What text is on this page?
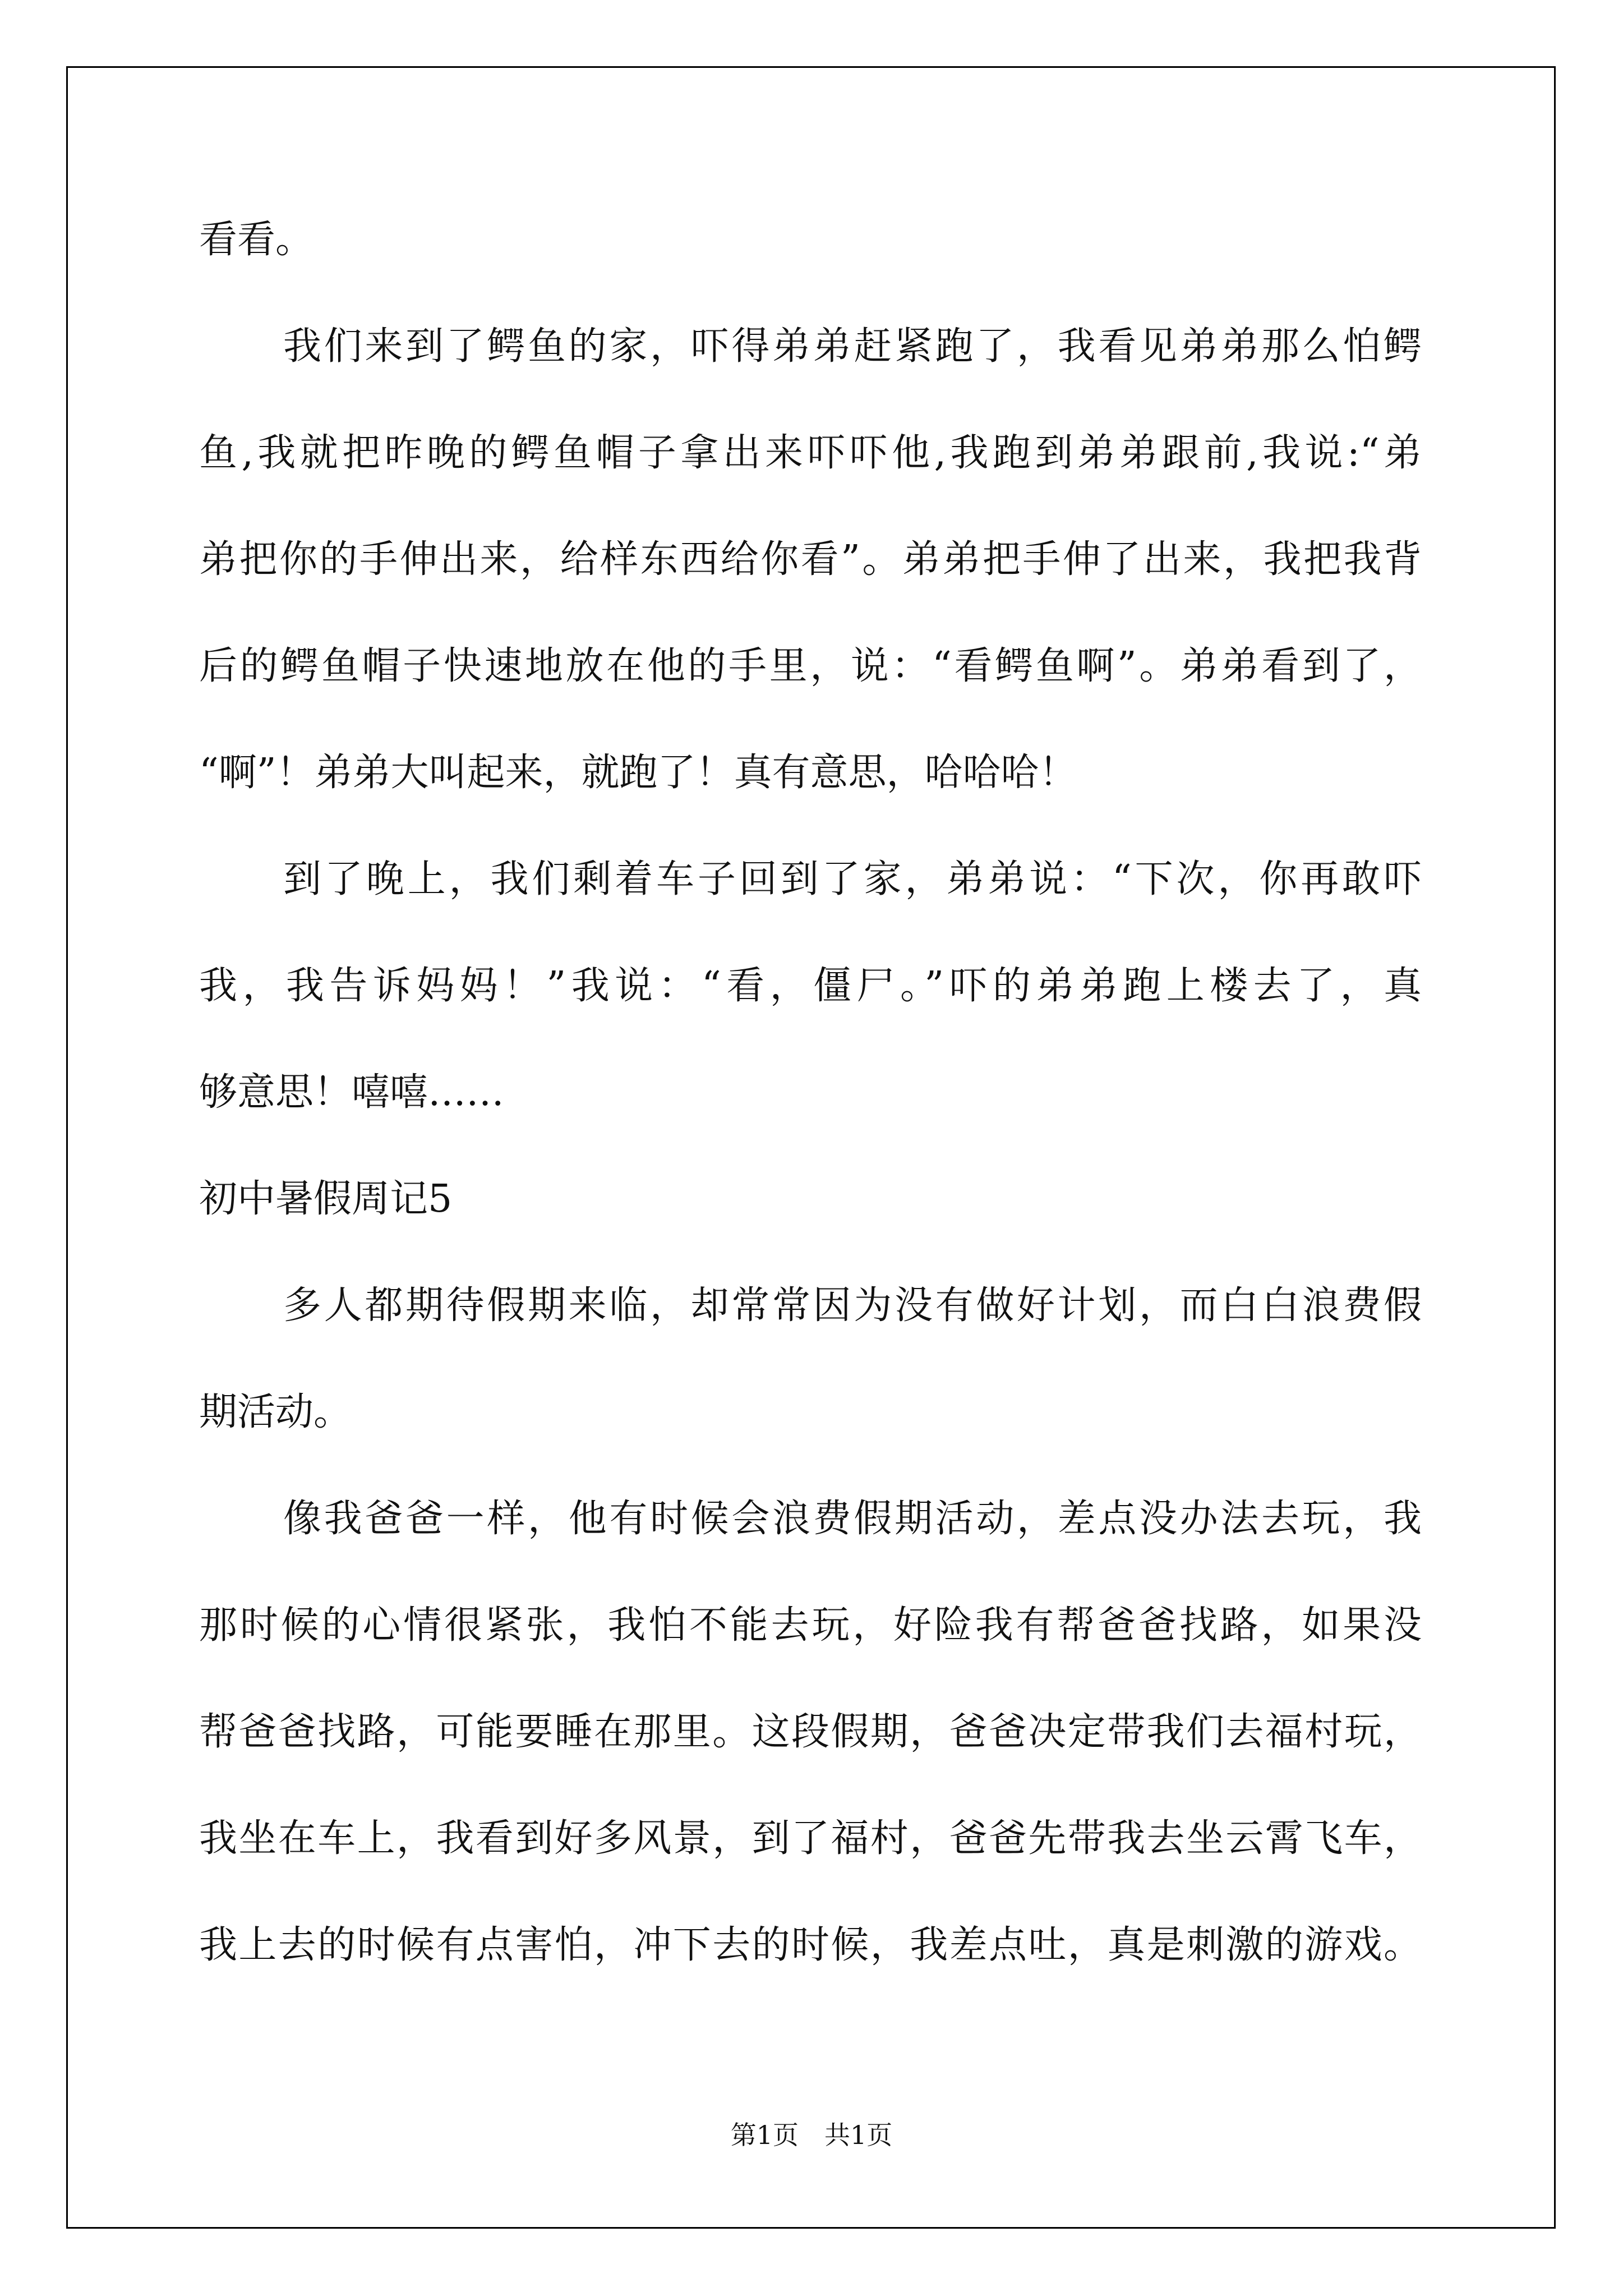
看看。
我们来到了鳄鱼的家，吓得弟弟赶紧跑了，我看见弟弟那么怕鳄
鱼,我就把昨晚的鳄鱼帽子拿出来吓吓他,我跑到弟弟跟前,我说:“弟
弟把你的手伸出来，给样东西给你看”。弟弟把手伸了出来，我把我背
后的鳄鱼帽子快速地放在他的手里，说：“看鳄鱼啊”。弟弟看到了，
“啊”！弟弟大叫起来，就跑了！真有意思，哈哈哈！
到了晚上，我们剩着车子回到了家，弟弟说：“下次，你再敢吓
我，我告诉妈妈！”我说：“看，僵尸。”吓的弟弟跑上楼去了，真
够意思！嘻嘻……
初中暑假周记5
多人都期待假期来临，却常常因为没有做好计划，而白白浪费假
期活动。
像我爸爸一样，他有时候会浪费假期活动，差点没办法去玩，我
那时候的心情很紧张，我怕不能去玩，好险我有帮爸爸找路，如果没
帮爸爸找路，可能要睡在那里。这段假期，爸爸决定带我们去福村玩，
我坐在车上，我看到好多风景，到了福村，爸爸先带我去坐云霄飞车，
我上去的时候有点害怕，冲下去的时候，我差点吐，真是刺激的游戏。
第1页　共1页
